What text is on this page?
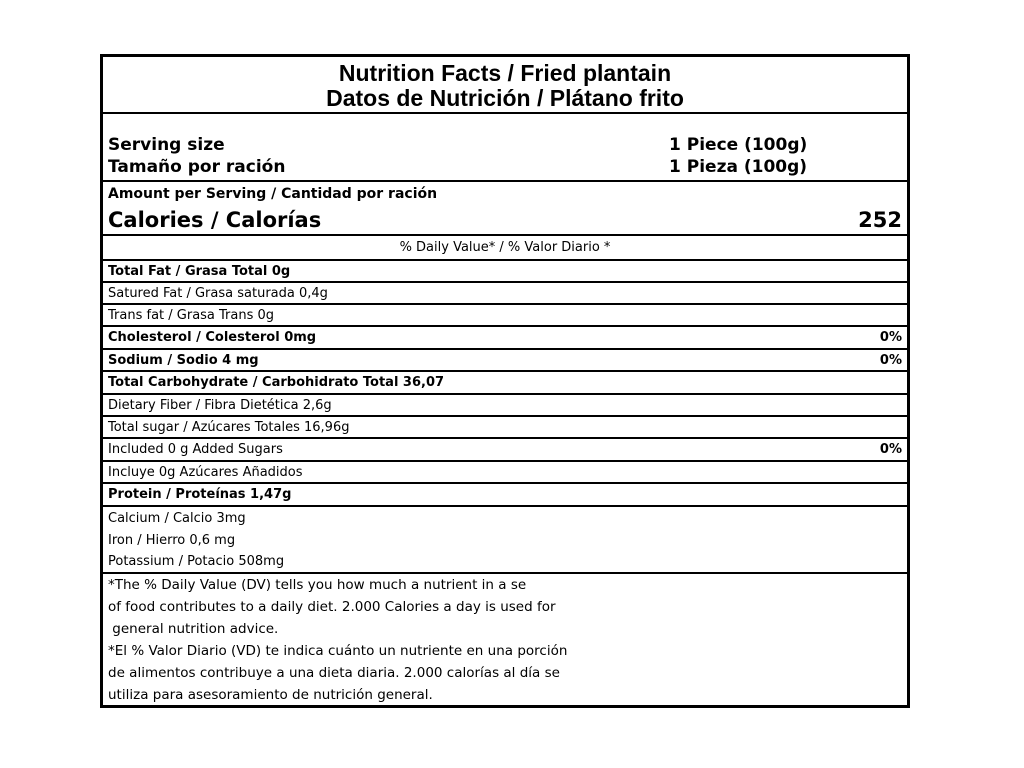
Nutrition Facts / Fried plantain
Datos de Nutrición / Plátano frito
Serving size	1 Piece (100g)
Tamaño por ración	1 Pieza (100g)
Amount per Serving / Cantidad por ración
Calories / Calorías	252
% Daily Value* / % Valor Diario *
Total Fat / Grasa Total 0g
Satured Fat / Grasa saturada 0,4g
Trans fat / Grasa Trans 0g
Cholesterol / Colesterol 0mg	0%
Sodium / Sodio 4 mg	0%
Total Carbohydrate / Carbohidrato Total 36,07
Dietary Fiber / Fibra Dietética 2,6g
Total sugar / Azúcares Totales 16,96g
Included 0 g Added Sugars	0%
Incluye 0g Azúcares Añadidos
Protein / Proteínas 1,47g
Calcium / Calcio 3mg
Iron / Hierro 0,6 mg
Potassium / Potacio 508mg
*The % Daily Value (DV) tells you how much a nutrient in a se
of food contributes to a daily diet. 2.000 Calories a day is used for
general nutrition advice.
*El % Valor Diario (VD) te indica cuánto un nutriente en una porción
de alimentos contribuye a una dieta diaria. 2.000 calorías al día se
utiliza para asesoramiento de nutrición general.
